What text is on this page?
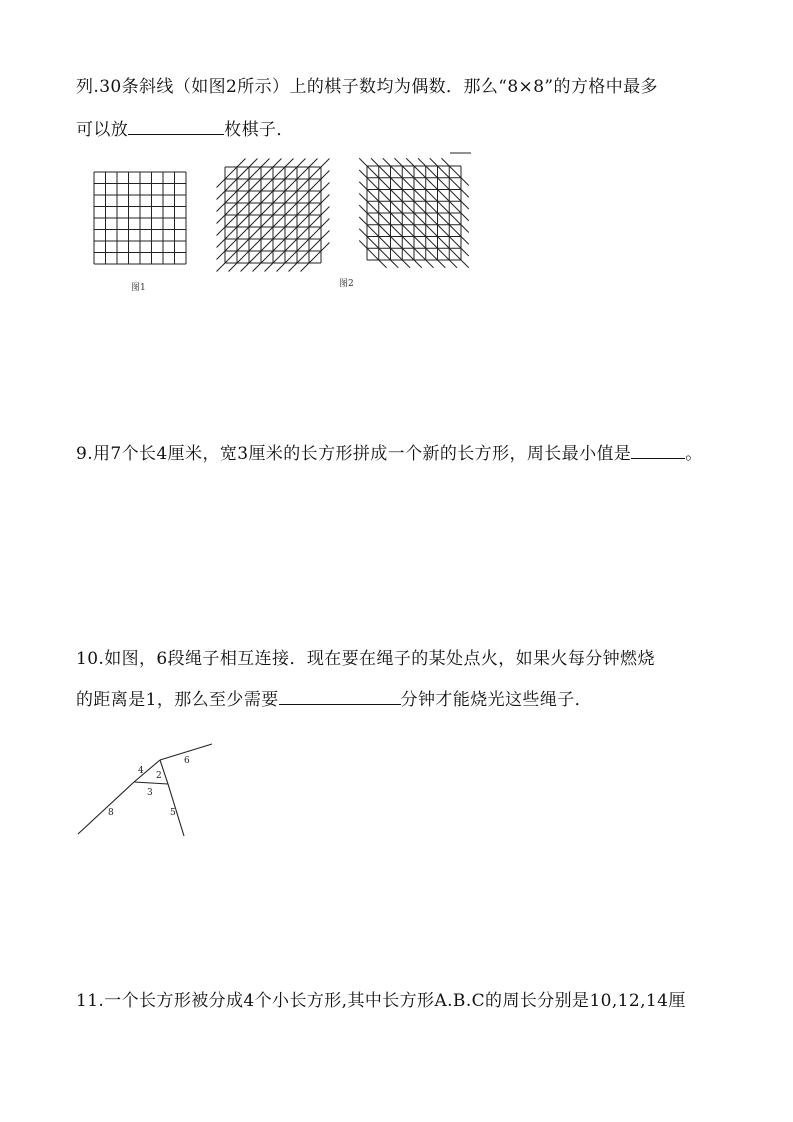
列.30条斜线（如图2所示）上的棋子数均为偶数．那么“8×8”的方格中最多
可以放	枚棋子．
图1	图2
9.用7个长4厘米，宽3厘米的长方形拼成一个新的长方形，周长最小值是	。
10.如图，6段绳子相互连接．现在要在绳子的某处点火，如果火每分钟燃烧
的距离是1，那么至少需要	分钟才能烧光这些绳子．
6
4 2
3
8	5
11.一个长方形被分成4个小长方形,其中长方形A.B.C的周长分别是10,12,14厘
